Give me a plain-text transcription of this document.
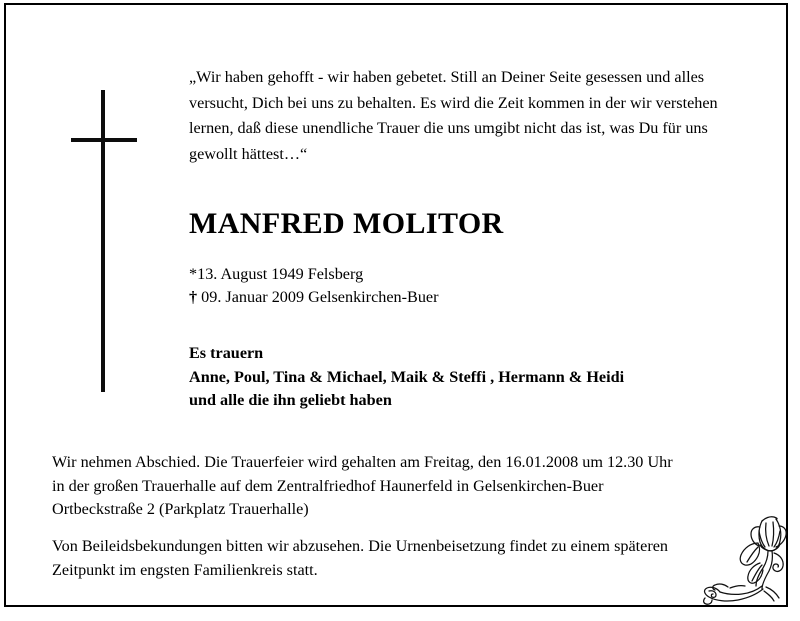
„Wir haben gehofft - wir haben gebetet. Still an Deiner Seite gesessen und alles versucht, Dich bei uns zu behalten. Es wird die Zeit kommen in der wir verstehen lernen, daß diese unendliche Trauer die uns umgibt nicht das ist, was Du für uns gewollt hättest…“
MANFRED MOLITOR
*13. August 1949 Felsberg
† 09. Januar 2009 Gelsenkirchen-Buer
Es trauern
Anne, Poul, Tina & Michael, Maik & Steffi , Hermann & Heidi
und alle die ihn geliebt haben
Wir nehmen Abschied. Die Trauerfeier wird gehalten am Freitag, den 16.01.2008 um 12.30 Uhr
in der großen Trauerhalle auf dem Zentralfriedhof Haunerfeld in Gelsenkirchen-Buer
Ortbeckstraße 2 (Parkplatz Trauerhalle)
Von Beileidsbekundungen bitten wir abzusehen. Die Urnenbeisetzung findet zu einem späteren Zeitpunkt im engsten Familienkreis statt.
